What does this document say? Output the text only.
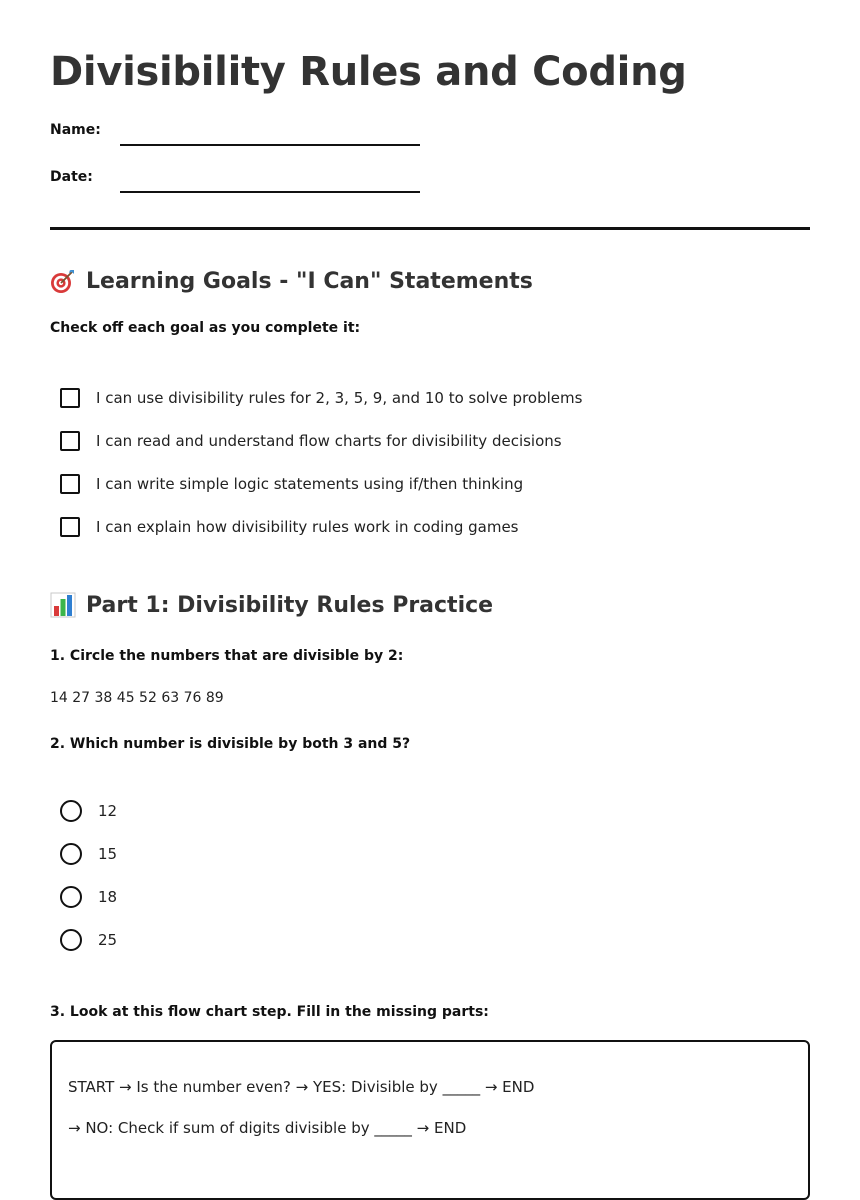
Divisibility Rules and Coding
Name:
Date:
Learning Goals - "I Can" Statements
Check off each goal as you complete it:
I can use divisibility rules for 2, 3, 5, 9, and 10 to solve problems
I can read and understand flow charts for divisibility decisions
I can write simple logic statements using if/then thinking
I can explain how divisibility rules work in coding games
Part 1: Divisibility Rules Practice
1. Circle the numbers that are divisible by 2:
14 27 38 45 52 63 76 89
2. Which number is divisible by both 3 and 5?
12
15
18
25
3. Look at this flow chart step. Fill in the missing parts:
START → Is the number even? → YES: Divisible by _____ → END
→ NO: Check if sum of digits divisible by _____ → END
